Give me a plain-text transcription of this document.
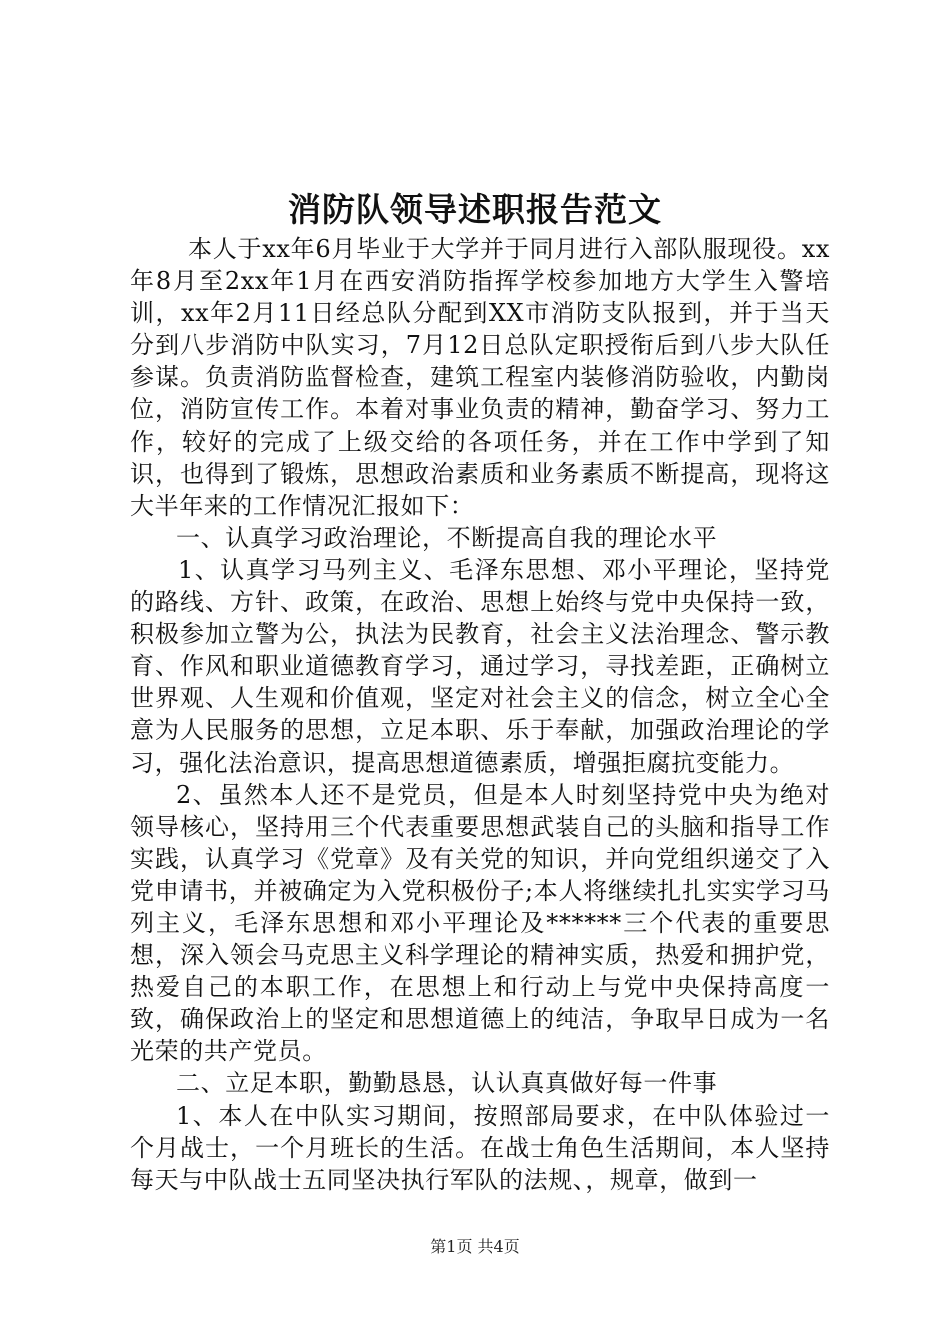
消防队领导述职报告范文

本人于xx年6月毕业于大学并于同月进行入部队服现役。xx年8月至2xx年1月在西安消防指挥学校参加地方大学生入警培训，xx年2月11日经总队分配到XX市消防支队报到，并于当天分到八步消防中队实习，7月12日总队定职授衔后到八步大队任参谋。负责消防监督检查，建筑工程室内装修消防验收，内勤岗位，消防宣传工作。本着对事业负责的精神，勤奋学习、努力工作，较好的完成了上级交给的各项任务，并在工作中学到了知识，也得到了锻炼，思想政治素质和业务素质不断提高，现将这大半年来的工作情况汇报如下：

一、认真学习政治理论，不断提高自我的理论水平

1、认真学习马列主义、毛泽东思想、邓小平理论，坚持党的路线、方针、政策，在政治、思想上始终与党中央保持一致，积极参加立警为公，执法为民教育，社会主义法治理念、警示教育、作风和职业道德教育学习，通过学习，寻找差距，正确树立世界观、人生观和价值观，坚定对社会主义的信念，树立全心全意为人民服务的思想，立足本职、乐于奉献，加强政治理论的学习，强化法治意识，提高思想道德素质，增强拒腐抗变能力。

2、虽然本人还不是党员，但是本人时刻坚持党中央为绝对领导核心，坚持用三个代表重要思想武装自己的头脑和指导工作实践，认真学习《党章》及有关党的知识，并向党组织递交了入党申请书，并被确定为入党积极份子;本人将继续扎扎实实学习马列主义，毛泽东思想和邓小平理论及******三个代表的重要思想，深入领会马克思主义科学理论的精神实质，热爱和拥护党，热爱自己的本职工作，在思想上和行动上与党中央保持高度一致，确保政治上的坚定和思想道德上的纯洁，争取早日成为一名光荣的共产党员。

二、立足本职，勤勤恳恳，认认真真做好每一件事

1、本人在中队实习期间，按照部局要求，在中队体验过一个月战士，一个月班长的生活。在战士角色生活期间，本人坚持每天与中队战士五同坚决执行军队的法规、，规章，做到一

第1页 共4页
